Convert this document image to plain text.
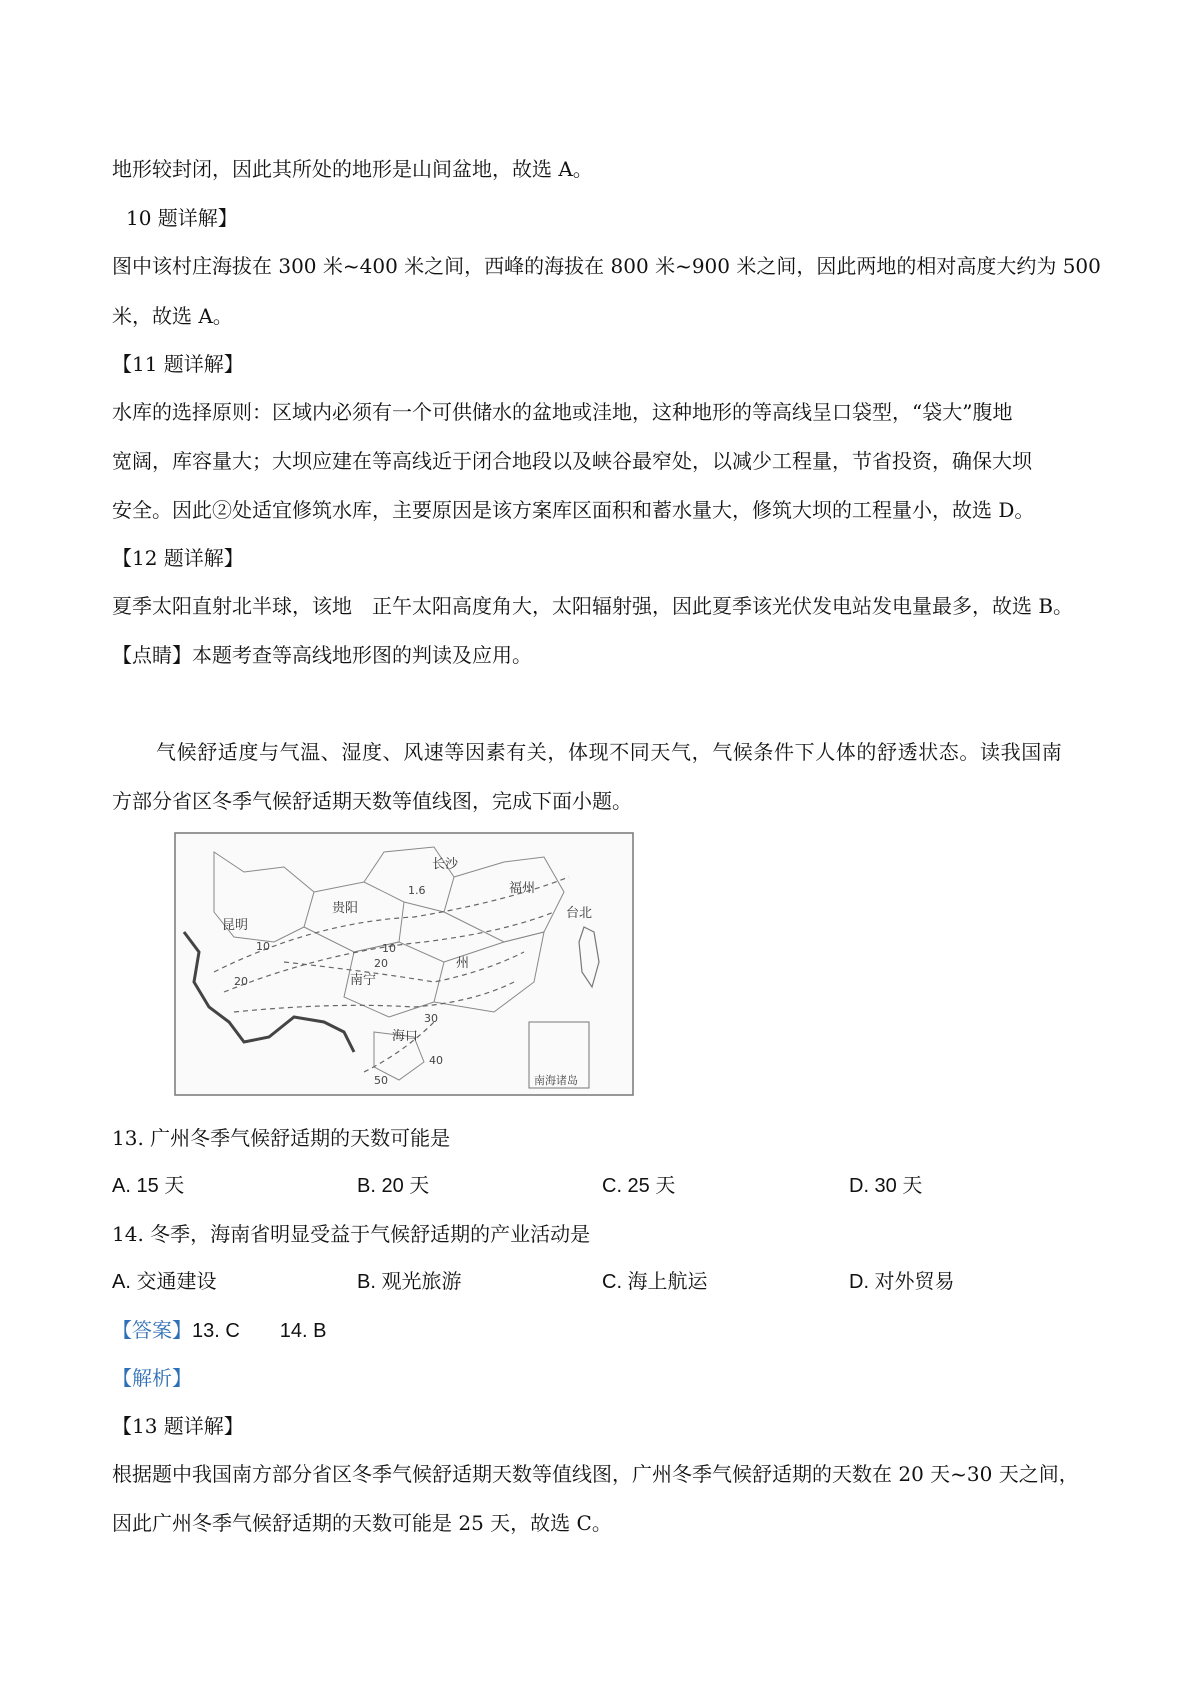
地形较封闭，因此其所处的地形是山间盆地，故选 A。
10 题详解】
图中该村庄海拔在 300 米~400 米之间，西峰的海拔在 800 米~900 米之间，因此两地的相对高度大约为 500
米，故选 A。
【11 题详解】
水库的选择原则：区域内必须有一个可供储水的盆地或洼地，这种地形的等高线呈口袋型，“袋大”腹地
宽阔，库容量大；大坝应建在等高线近于闭合地段以及峡谷最窄处，以减少工程量，节省投资，确保大坝
安全。因此②处适宜修筑水库，主要原因是该方案库区面积和蓄水量大，修筑大坝的工程量小，故选 D。
【12 题详解】
夏季太阳直射北半球，该地　正午太阳高度角大，太阳辐射强，因此夏季该光伏发电站发电量最多，故选 B。
【点睛】本题考查等高线地形图的判读及应用。
气候舒适度与气温、湿度、风速等因素有关，体现不同天气，气候条件下人体的舒透状态。读我国南
方部分省区冬季气候舒适期天数等值线图，完成下面小题。
长沙
福州
贵阳
昆明
南宁
州
海口
台北
1.6
10	10
20
20
30
40
50	南海诸岛
13. 广州冬季气候舒适期的天数可能是
A. 15 天	B. 20 天	C. 25 天	D. 30 天
14. 冬季，海南省明显受益于气候舒适期的产业活动是
A. 交通建设	B. 观光旅游	C. 海上航运	D. 对外贸易
【答案】13. C　　14. B
【解析】
【13 题详解】
根据题中我国南方部分省区冬季气候舒适期天数等值线图，广州冬季气候舒适期的天数在 20 天~30 天之间，
因此广州冬季气候舒适期的天数可能是 25 天，故选 C。
